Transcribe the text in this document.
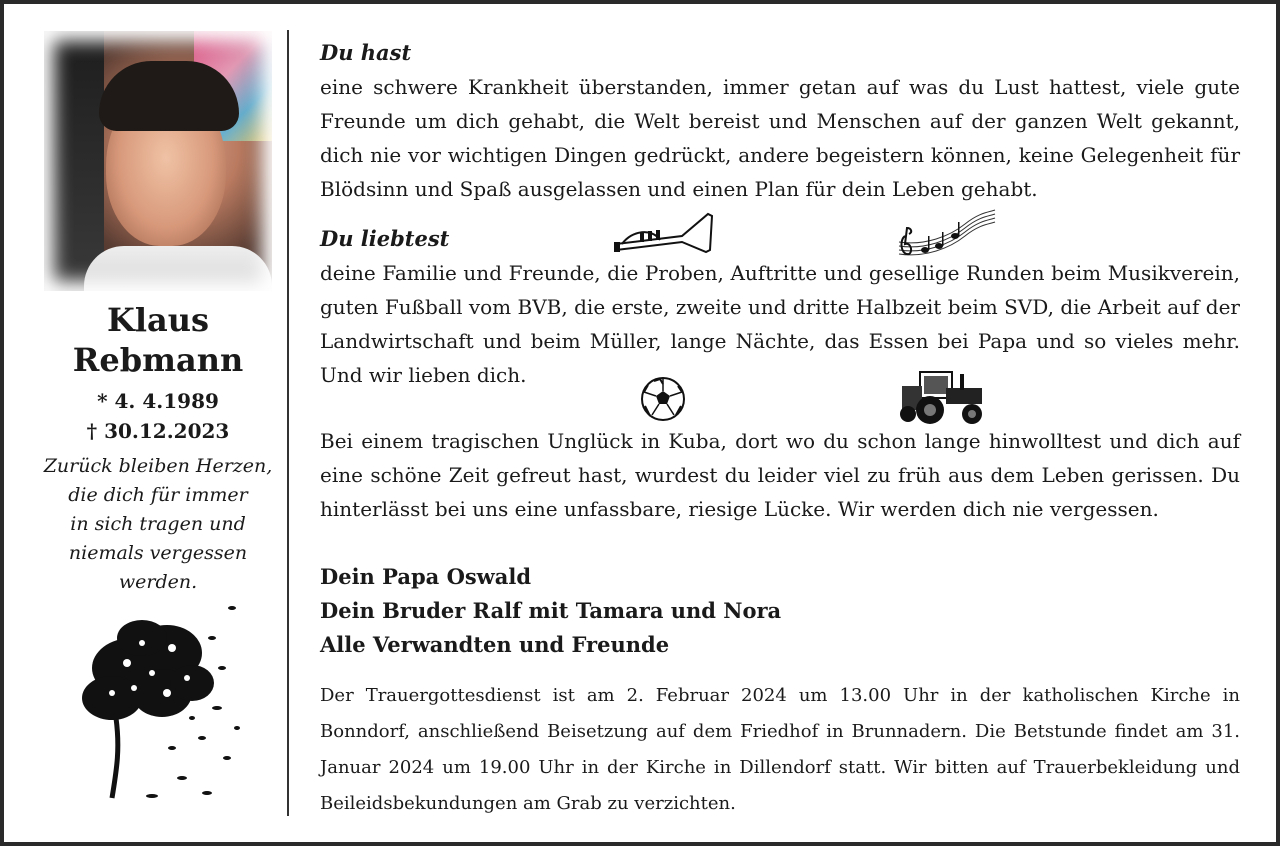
Klaus
Rebmann
* 4. 4.1989
† 30.12.2023
Zurück bleiben Herzen,
die dich für immer
in sich tragen und
niemals vergessen
werden.
Du hast

eine schwere Krankheit überstanden, immer getan auf was du Lust hattest, viele gute Freunde um dich gehabt, die Welt bereist und Menschen auf der ganzen Welt gekannt, dich nie vor wichtigen Dingen gedrückt, andere begeistern können, keine Gelegenheit für Blödsinn und Spaß ausgelassen und einen Plan für dein Leben gehabt.

Du liebtest

deine Familie und Freunde, die Proben, Auftritte und gesellige Runden beim Musikverein, guten Fußball vom BVB, die erste, zweite und dritte Halbzeit beim SVD, die Arbeit auf der Landwirtschaft und beim Müller, lange Nächte, das Essen bei Papa und so vieles mehr. Und wir lieben dich.

Bei einem tragischen Unglück in Kuba, dort wo du schon lange hinwolltest und dich auf eine schöne Zeit gefreut hast, wurdest du leider viel zu früh aus dem Leben gerissen. Du hinterlässt bei uns eine unfassbare, riesige Lücke. Wir werden dich nie vergessen.

Dein Papa Oswald
Dein Bruder Ralf mit Tamara und Nora
Alle Verwandten und Freunde

Der Trauergottesdienst ist am 2. Februar 2024 um 13.00 Uhr in der katholischen Kirche in Bonndorf, anschließend Beisetzung auf dem Friedhof in Brunnadern. Die Betstunde findet am 31. Januar 2024 um 19.00 Uhr in der Kirche in Dillendorf statt. Wir bitten auf Trauerbekleidung und Beileidsbekundungen am Grab zu verzichten.
